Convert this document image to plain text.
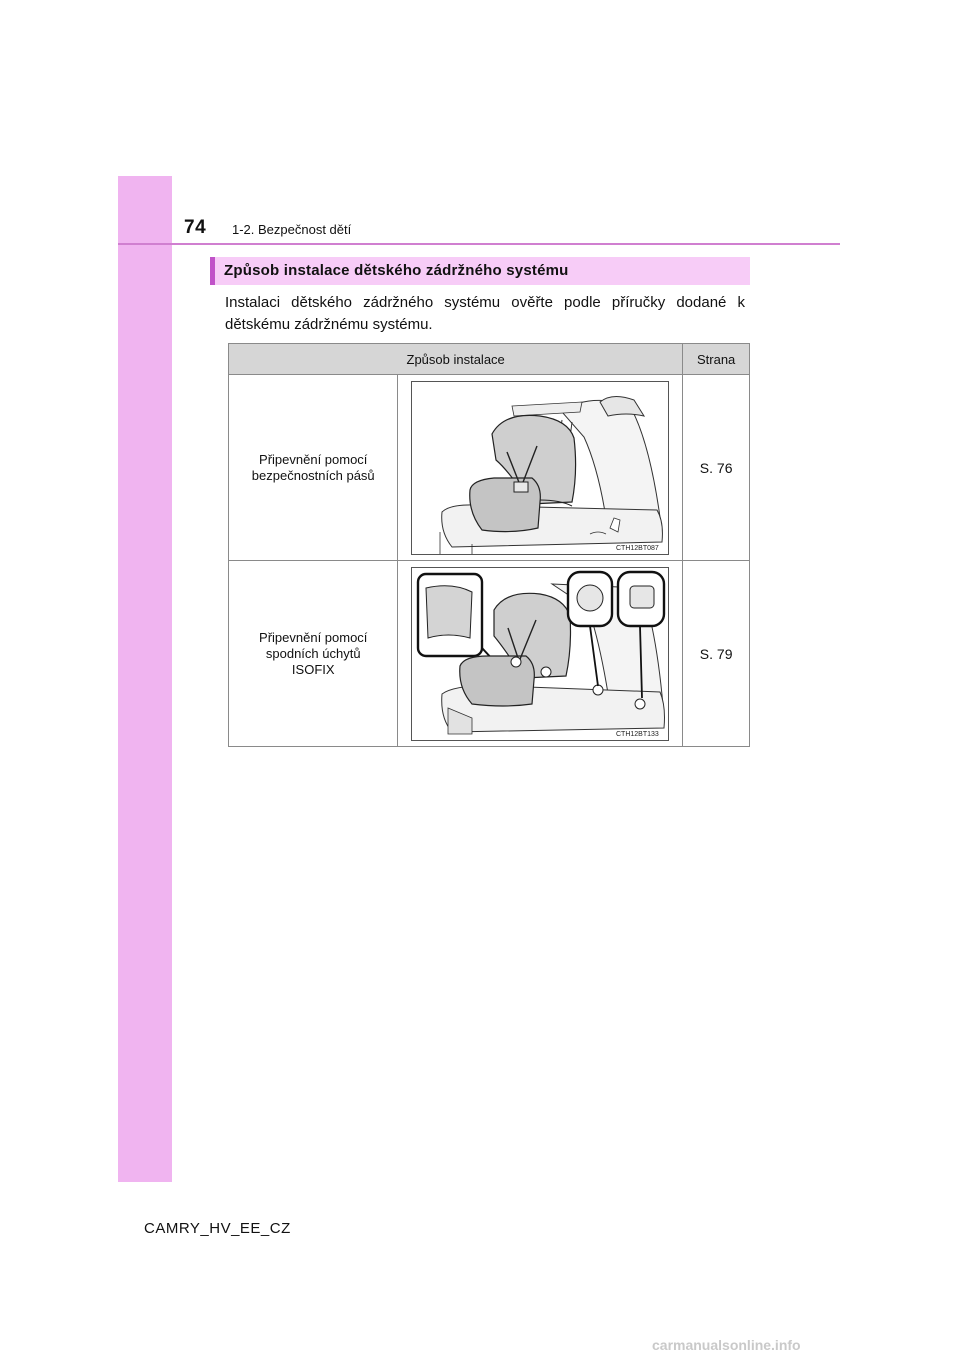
74 1-2. Bezpečnost dětí
Způsob instalace dětského zádržného systému
Instalaci dětského zádržného systému ověřte podle příručky dodané k dětskému zádržnému systému.
Způsob instalace		Strana

Připevnění pomocí
bezpečnostních pásů	CTH12BT087	S. 76

Připevnění pomocí
spodních úchytů
ISOFIX	CTH12BT133	S. 79
CAMRY_HV_EE_CZ
carmanualsonline.info
